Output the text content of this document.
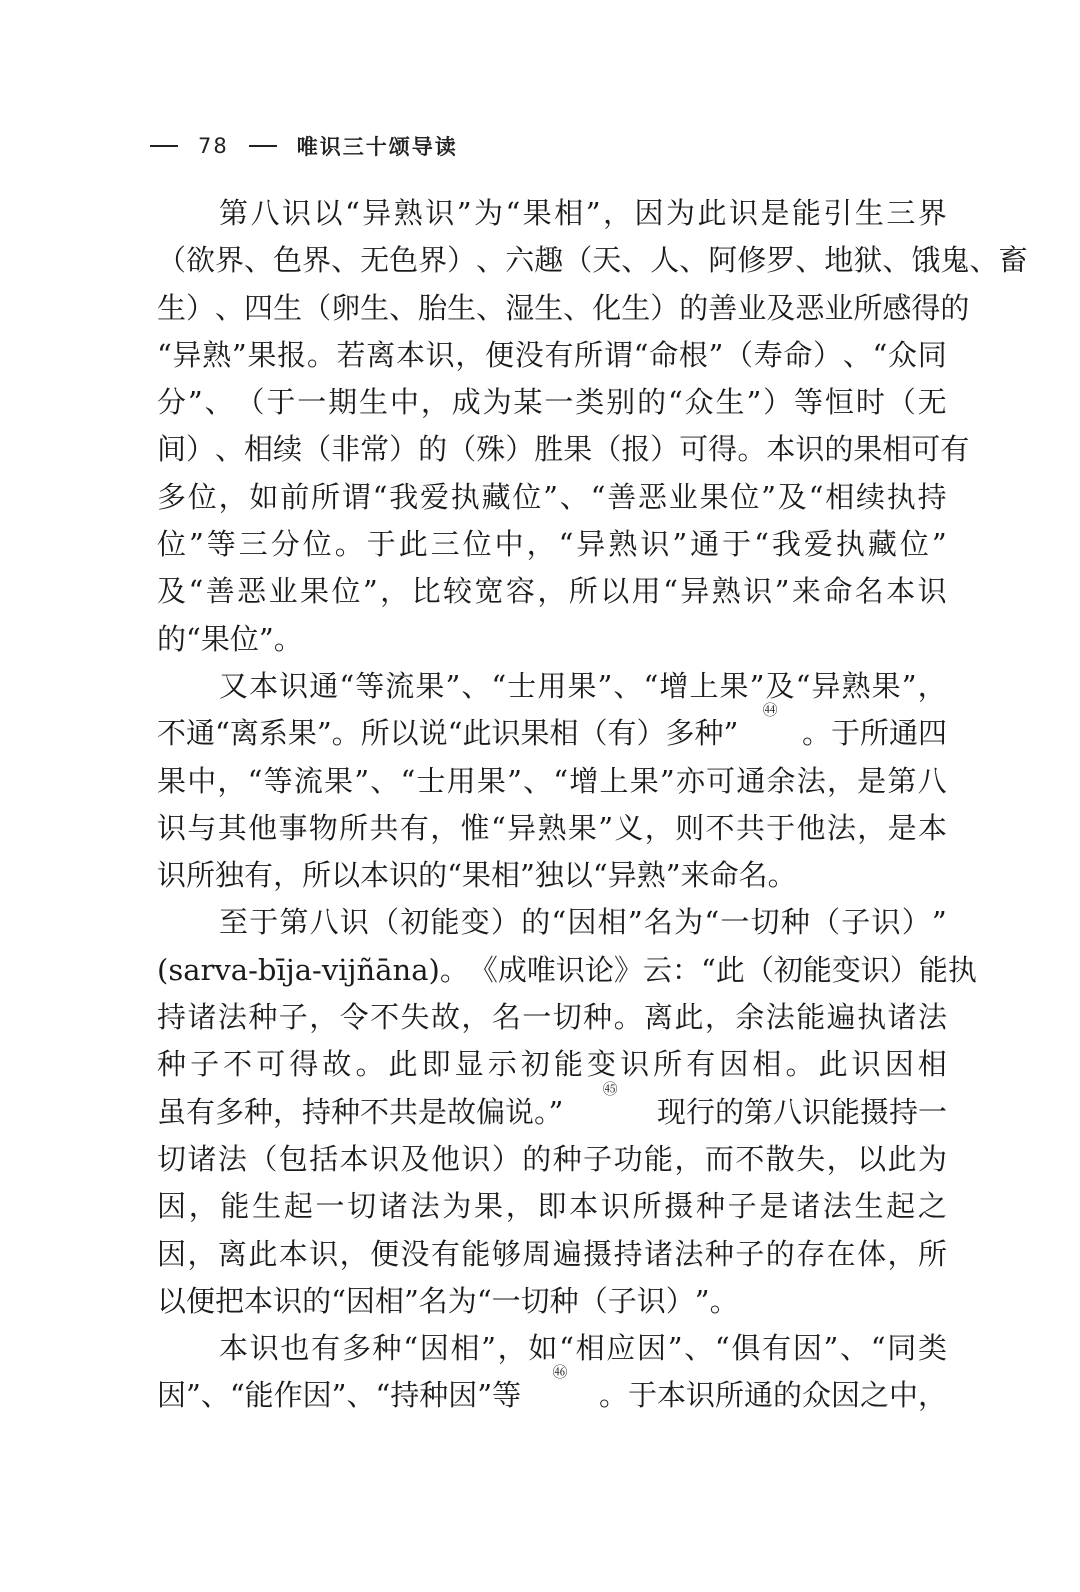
78	唯识三十颂导读
第 八 识 以 “ 异 熟 识 ” 为 “ 果 相 ” ， 因 为 此 识 是 能 引 生 三 界
（ 欲 界 、 色 界 、 无 色 界 ） 、 六 趣 （ 天 、 人 、 阿 修 罗 、 地 狱 、 饿 鬼 、 畜
生 ） 、 四 生 （ 卵 生 、 胎 生 、 湿 生 、 化 生 ） 的 善 业 及 恶 业 所 感 得 的
“ 异 熟 ” 果 报 。 若 离 本 识 ， 便 没 有 所 谓 “ 命 根 ” （ 寿 命 ） 、 “ 众 同
分 ” 、 （ 于 一 期 生 中 ， 成 为 某 一 类 别 的 “ 众 生 ” ） 等 恒 时 （ 无
间 ） 、 相 续 （ 非 常 ） 的 （ 殊 ） 胜 果 （ 报 ） 可 得 。 本 识 的 果 相 可 有
多 位 ， 如 前 所 谓 “ 我 爱 执 藏 位 ” 、 “ 善 恶 业 果 位 ” 及 “ 相 续 执 持
位 ” 等 三 分 位 。 于 此 三 位 中 ， “ 异 熟 识 ” 通 于 “ 我 爱 执 藏 位 ”
及 “ 善 恶 业 果 位 ” ， 比 较 宽 容 ， 所 以 用 “ 异 熟 识 ” 来 命 名 本 识
的 “ 果 位 ” 。
又 本 识 通 “ 等 流 果 ” 、 “ 士 用 果 ” 、 “ 增 上 果 ” 及 “ 异 熟 果 ” ，
不通“离系果”。所以说“此识果相（有）多种”
㊹
。于所通四
果 中 ， “ 等 流 果 ” 、 “ 士 用 果 ” 、 “ 增 上 果 ” 亦 可 通 余 法 ， 是 第 八
识 与 其 他 事 物 所 共 有 ， 惟 “ 异 熟 果 ” 义 ， 则 不 共 于 他 法 ， 是 本
识 所 独 有 ， 所 以 本 识 的 “ 果 相 ” 独 以 “ 异 熟 ” 来 命 名 。
至 于 第 八 识 （ 初 能 变 ） 的 “ 因 相 ” 名 为 “ 一 切 种 （ 子 识 ） ”
( s a r v a - b ī j a - v i j ñ ā n a ) 。 《 成 唯 识 论 》 云 ： “ 此 （ 初 能 变 识 ） 能 执
持 诸 法 种 子 ， 令 不 失 故 ， 名 一 切 种 。 离 此 ， 余 法 能 遍 执 诸 法
种 子 不 可 得 故 。 此 即 显 示 初 能 变 识 所 有 因 相 。 此 识 因 相
虽有多种，持种不共是故偏说。”
㊺
现行的第八识能摄持一
切 诸 法 （ 包 括 本 识 及 他 识 ） 的 种 子 功 能 ， 而 不 散 失 ， 以 此 为
因 ， 能 生 起 一 切 诸 法 为 果 ， 即 本 识 所 摄 种 子 是 诸 法 生 起 之
因 ， 离 此 本 识 ， 便 没 有 能 够 周 遍 摄 持 诸 法 种 子 的 存 在 体 ， 所
以 便 把 本 识 的 “ 因 相 ” 名 为 “ 一 切 种 （ 子 识 ） ” 。
本 识 也 有 多 种 “ 因 相 ” ， 如 “ 相 应 因 ” 、 “ 俱 有 因 ” 、 “ 同 类
因”、“能作因”、“持种因”等
㊻
。于本识所通的众因之中，
